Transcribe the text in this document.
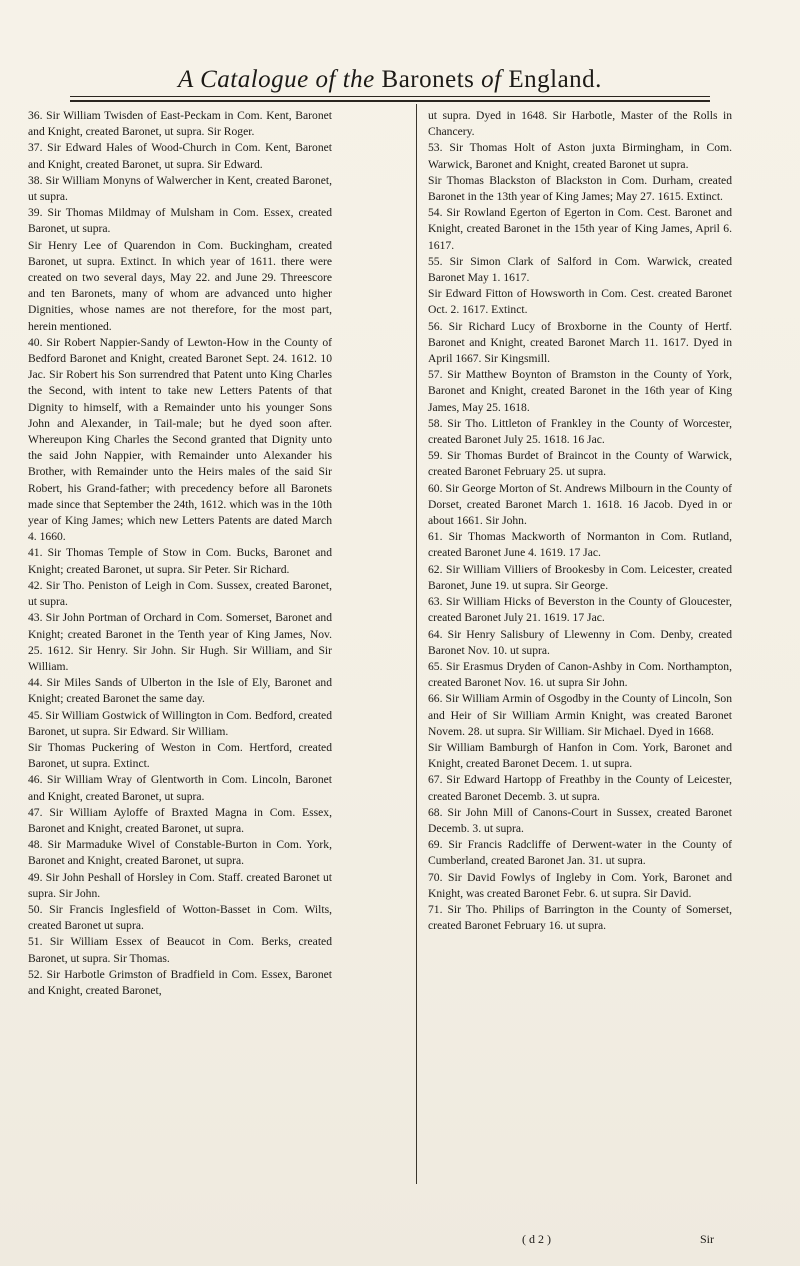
A Catalogue of the Baronets of England.

36. Sir William Twisden of East-Peckam in Com. Kent, Baronet and Knight, created Baronet, ut supra. Sir Roger.

37. Sir Edward Hales of Wood-Church in Com. Kent, Baronet and Knight, created Baronet, ut supra. Sir Edward.

38. Sir William Monyns of Walwercher in Kent, created Baronet, ut supra.

39. Sir Thomas Mildmay of Mulsham in Com. Essex, created Baronet, ut supra.

Sir Henry Lee of Quarendon in Com. Buckingham, created Baronet, ut supra. Extinct. In which year of 1611. there were created on two several days, May 22. and June 29. Threescore and ten Baronets, many of whom are advanced unto higher Dignities, whose names are not therefore, for the most part, herein mentioned.

40. Sir Robert Nappier-Sandy of Lewton-How in the County of Bedford Baronet and Knight, created Baronet Sept. 24. 1612. 10 Jac. Sir Robert his Son surrendred that Patent unto King Charles the Second, with intent to take new Letters Patents of that Dignity to himself, with a Remainder unto his younger Sons John and Alexander, in Tail-male; but he dyed soon after. Whereupon King Charles the Second granted that Dignity unto the said John Nappier, with Remainder unto Alexander his Brother, with Remainder unto the Heirs males of the said Sir Robert, his Grand-father; with precedency before all Baronets made since that September the 24th, 1612. which was in the 10th year of King James; which new Letters Patents are dated March 4. 1660.

41. Sir Thomas Temple of Stow in Com. Bucks, Baronet and Knight; created Baronet, ut supra. Sir Peter. Sir Richard.

42. Sir Tho. Peniston of Leigh in Com. Sussex, created Baronet, ut supra.

43. Sir John Portman of Orchard in Com. Somerset, Baronet and Knight; created Baronet in the Tenth year of King James, Nov. 25. 1612. Sir Henry. Sir John. Sir Hugh. Sir William, and Sir William.

44. Sir Miles Sands of Ulberton in the Isle of Ely, Baronet and Knight; created Baronet the same day.

45. Sir William Gostwick of Willington in Com. Bedford, created Baronet, ut supra. Sir Edward. Sir William.

Sir Thomas Puckering of Weston in Com. Hertford, created Baronet, ut supra. Extinct.

46. Sir William Wray of Glentworth in Com. Lincoln, Baronet and Knight, created Baronet, ut supra.

47. Sir William Ayloffe of Braxted Magna in Com. Essex, Baronet and Knight, created Baronet, ut supra.

48. Sir Marmaduke Wivel of Constable-Burton in Com. York, Baronet and Knight, created Baronet, ut supra.

49. Sir John Peshall of Horsley in Com. Staff. created Baronet ut supra. Sir John.

50. Sir Francis Inglesfield of Wotton-Basset in Com. Wilts, created Baronet ut supra.

51. Sir William Essex of Beaucot in Com. Berks, created Baronet, ut supra. Sir Thomas.

52. Sir Harbotle Grimston of Bradfield in Com. Essex, Baronet and Knight, created Baronet,

ut supra. Dyed in 1648. Sir Harbotle, Master of the Rolls in Chancery.

53. Sir Thomas Holt of Aston juxta Birmingham, in Com. Warwick, Baronet and Knight, created Baronet ut supra.

Sir Thomas Blackston of Blackston in Com. Durham, created Baronet in the 13th year of King James; May 27. 1615. Extinct.

54. Sir Rowland Egerton of Egerton in Com. Cest. Baronet and Knight, created Baronet in the 15th year of King James, April 6. 1617.

55. Sir Simon Clark of Salford in Com. Warwick, created Baronet May 1. 1617.

Sir Edward Fitton of Howsworth in Com. Cest. created Baronet Oct. 2. 1617. Extinct.

56. Sir Richard Lucy of Broxborne in the County of Hertf. Baronet and Knight, created Baronet March 11. 1617. Dyed in April 1667. Sir Kingsmill.

57. Sir Matthew Boynton of Bramston in the County of York, Baronet and Knight, created Baronet in the 16th year of King James, May 25. 1618.

58. Sir Tho. Littleton of Frankley in the County of Worcester, created Baronet July 25. 1618. 16 Jac.

59. Sir Thomas Burdet of Braincot in the County of Warwick, created Baronet February 25. ut supra.

60. Sir George Morton of St. Andrews Milbourn in the County of Dorset, created Baronet March 1. 1618. 16 Jacob. Dyed in or about 1661. Sir John.

61. Sir Thomas Mackworth of Normanton in Com. Rutland, created Baronet June 4. 1619. 17 Jac.

62. Sir William Villiers of Brookesby in Com. Leicester, created Baronet, June 19. ut supra. Sir George.

63. Sir William Hicks of Beverston in the County of Gloucester, created Baronet July 21. 1619. 17 Jac.

64. Sir Henry Salisbury of Llewenny in Com. Denby, created Baronet Nov. 10. ut supra.

65. Sir Erasmus Dryden of Canon-Ashby in Com. Northampton, created Baronet Nov. 16. ut supra Sir John.

66. Sir William Armin of Osgodby in the County of Lincoln, Son and Heir of Sir William Armin Knight, was created Baronet Novem. 28. ut supra. Sir William. Sir Michael. Dyed in 1668.

Sir William Bamburgh of Hanfon in Com. York, Baronet and Knight, created Baronet Decem. 1. ut supra.

67. Sir Edward Hartopp of Freathby in the County of Leicester, created Baronet Decemb. 3. ut supra.

68. Sir John Mill of Canons-Court in Sussex, created Baronet Decemb. 3. ut supra.

69. Sir Francis Radcliffe of Derwent-water in the County of Cumberland, created Baronet Jan. 31. ut supra.

70. Sir David Fowlys of Ingleby in Com. York, Baronet and Knight, was created Baronet Febr. 6. ut supra. Sir David.

71. Sir Tho. Philips of Barrington in the County of Somerset, created Baronet February 16. ut supra.

( d 2 )	Sir
